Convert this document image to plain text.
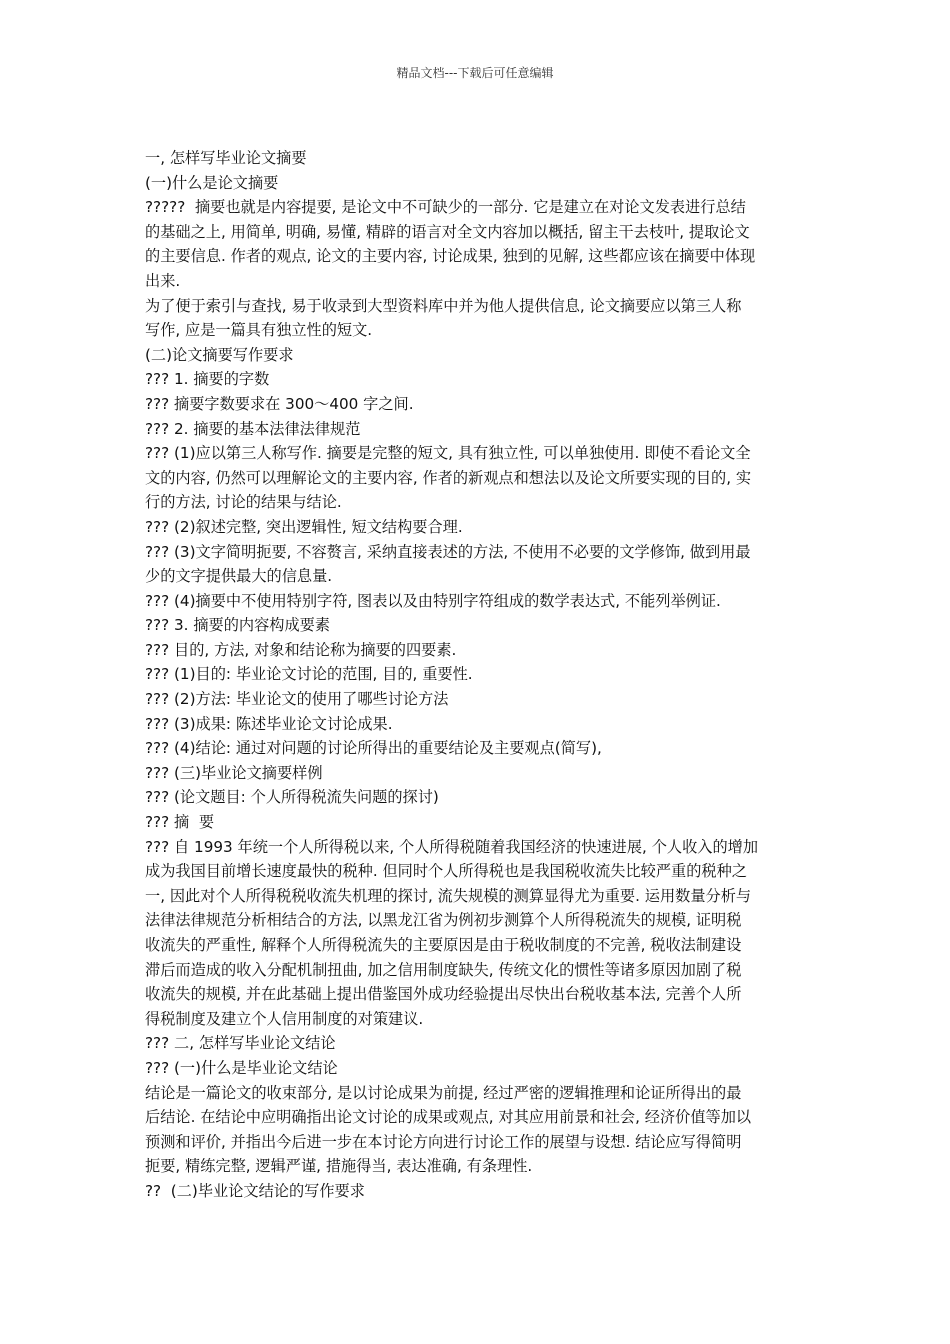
精品文档---下载后可任意编辑
一, 怎样写毕业论文摘要
(一)什么是论文摘要
?????  摘要也就是内容提要, 是论文中不可缺少的一部分. 它是建立在对论文发表进行总结
的基础之上, 用简单, 明确, 易懂, 精辟的语言对全文内容加以概括, 留主干去枝叶, 提取论文
的主要信息. 作者的观点, 论文的主要内容, 讨论成果, 独到的见解, 这些都应该在摘要中体现
出来.
为了便于索引与查找, 易于收录到大型资料库中并为他人提供信息, 论文摘要应以第三人称
写作, 应是一篇具有独立性的短文.
(二)论文摘要写作要求
??? 1. 摘要的字数
??? 摘要字数要求在 300～400 字之间.
??? 2. 摘要的基本法律法律规范
??? (1)应以第三人称写作. 摘要是完整的短文, 具有独立性, 可以单独使用. 即使不看论文全
文的内容, 仍然可以理解论文的主要内容, 作者的新观点和想法以及论文所要实现的目的, 实
行的方法, 讨论的结果与结论.
??? (2)叙述完整, 突出逻辑性, 短文结构要合理.
??? (3)文字简明扼要, 不容赘言, 采纳直接表述的方法, 不使用不必要的文学修饰, 做到用最
少的文字提供最大的信息量.
??? (4)摘要中不使用特别字符, 图表以及由特别字符组成的数学表达式, 不能列举例证.
??? 3. 摘要的内容构成要素
??? 目的, 方法, 对象和结论称为摘要的四要素.
??? (1)目的: 毕业论文讨论的范围, 目的, 重要性.
??? (2)方法: 毕业论文的使用了哪些讨论方法
??? (3)成果: 陈述毕业论文讨论成果.
??? (4)结论: 通过对问题的讨论所得出的重要结论及主要观点(简写),
??? (三)毕业论文摘要样例
??? (论文题目: 个人所得税流失问题的探讨)
??? 摘  要
??? 自 1993 年统一个人所得税以来, 个人所得税随着我国经济的快速进展, 个人收入的增加
成为我国目前增长速度最快的税种. 但同时个人所得税也是我国税收流失比较严重的税种之
一, 因此对个人所得税税收流失机理的探讨, 流失规模的测算显得尤为重要. 运用数量分析与
法律法律规范分析相结合的方法, 以黑龙江省为例初步测算个人所得税流失的规模, 证明税
收流失的严重性, 解释个人所得税流失的主要原因是由于税收制度的不完善, 税收法制建设
滞后而造成的收入分配机制扭曲, 加之信用制度缺失, 传统文化的惯性等诸多原因加剧了税
收流失的规模, 并在此基础上提出借鉴国外成功经验提出尽快出台税收基本法, 完善个人所
得税制度及建立个人信用制度的对策建议.
??? 二, 怎样写毕业论文结论
??? (一)什么是毕业论文结论
结论是一篇论文的收束部分, 是以讨论成果为前提, 经过严密的逻辑推理和论证所得出的最
后结论. 在结论中应明确指出论文讨论的成果或观点, 对其应用前景和社会, 经济价值等加以
预测和评价, 并指出今后进一步在本讨论方向进行讨论工作的展望与设想. 结论应写得简明
扼要, 精练完整, 逻辑严谨, 措施得当, 表达准确, 有条理性.
??  (二)毕业论文结论的写作要求
